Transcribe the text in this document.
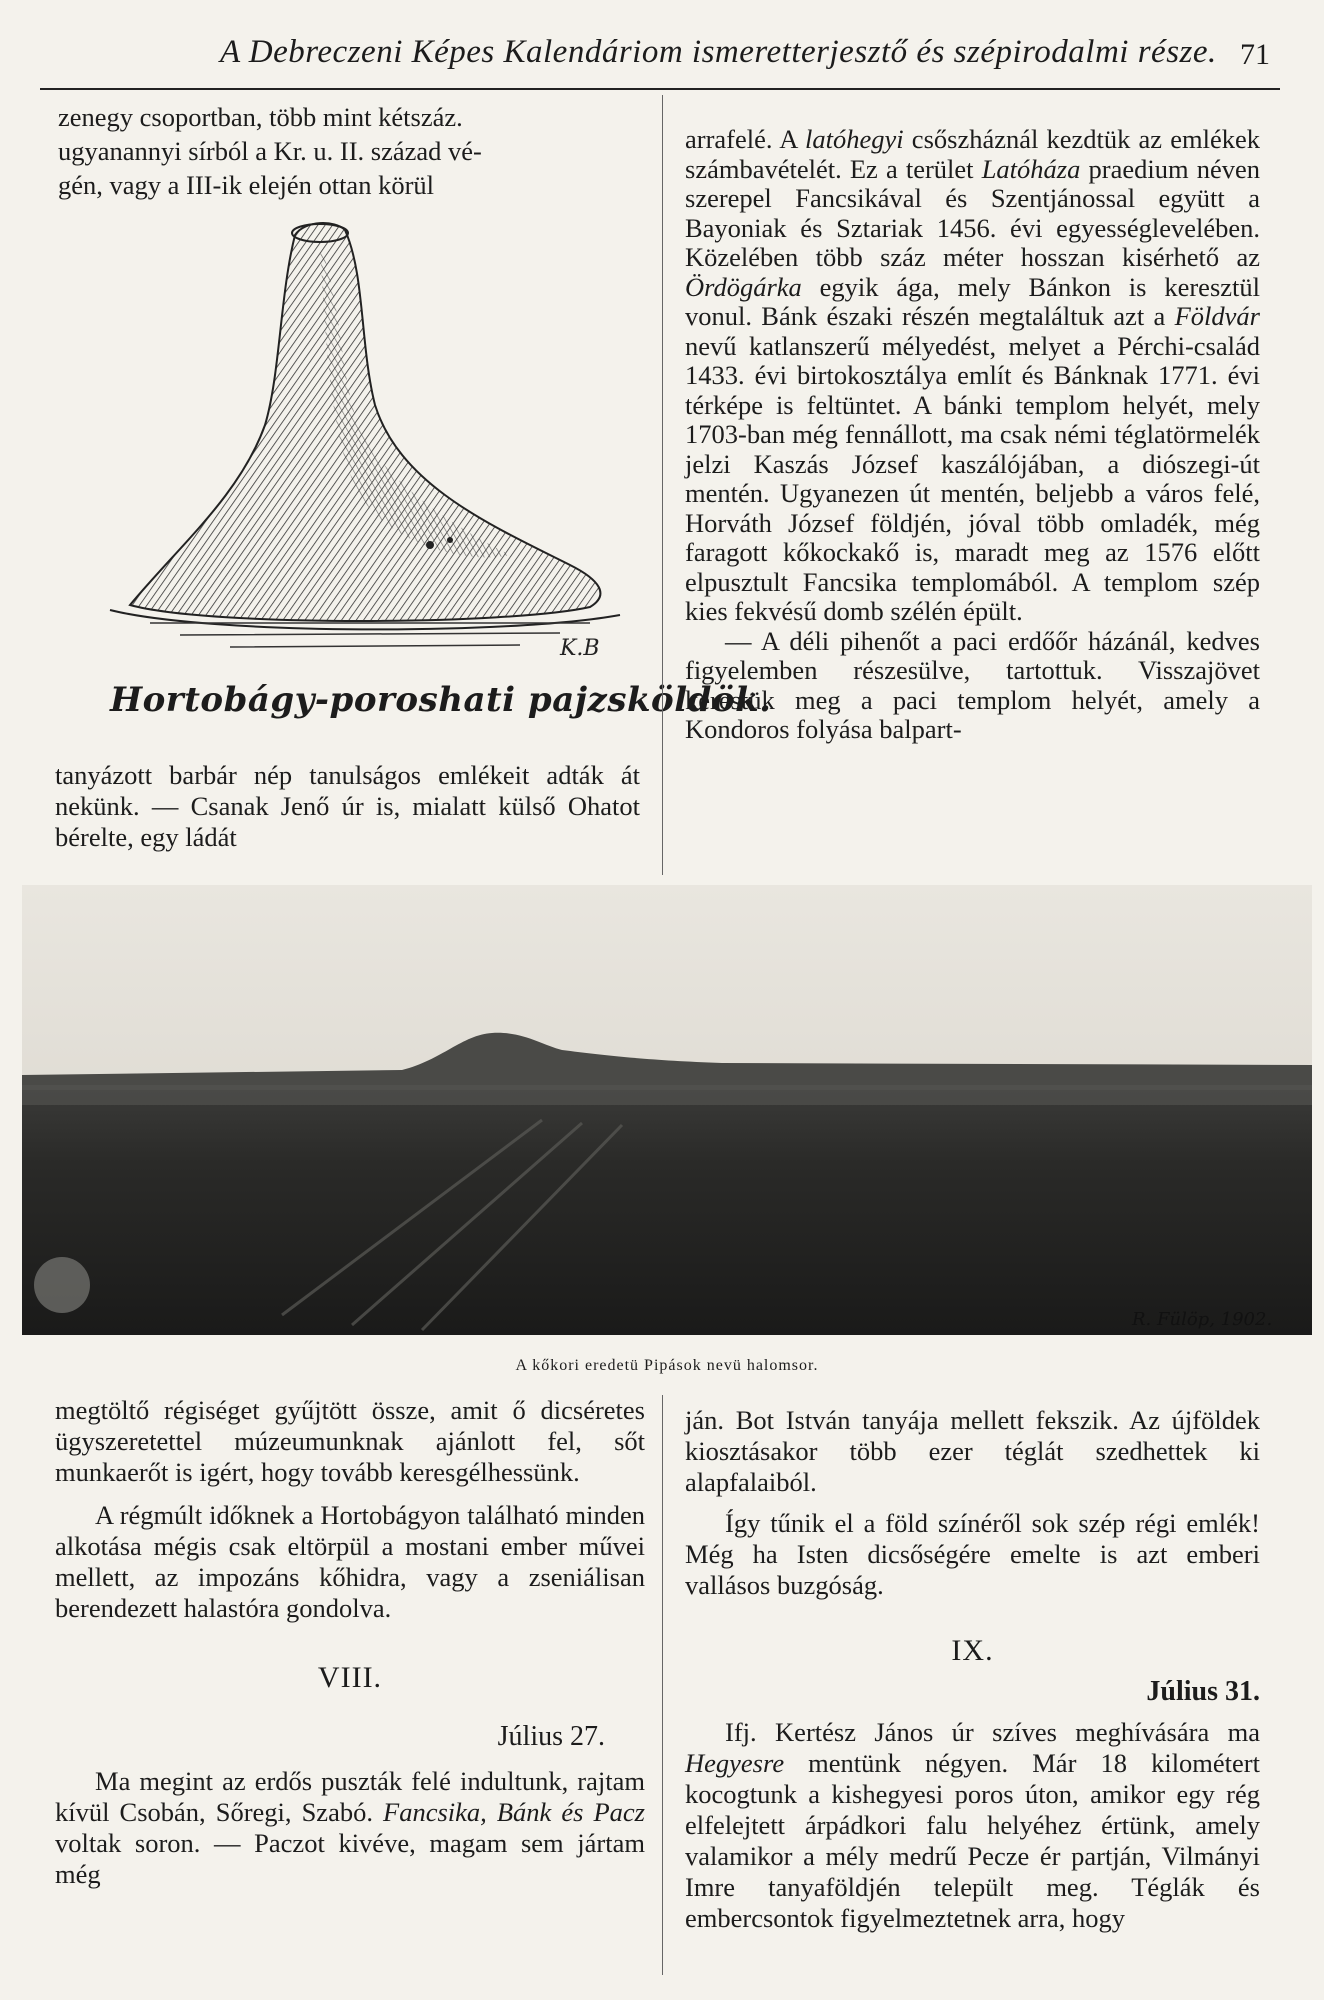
A Debreczeni Képes Kalendáriom ismeretterjesztő és szépirodalmi része. 71
zenegy csoportban, több mint kétszáz.
ugyanannyi sírból a Kr. u. II. század vé-
gén, vagy a III-ik elején ottan körül
K.B
Hortobágy-poroshati pajzsköldök.

tanyázott barbár nép tanulságos emlékeit adták át nekünk. — Csanak Jenő úr is, mialatt külső Ohatot bérelte, egy ládát

arrafelé. A latóhegyi csőszháznál kezdtük az emlékek számbavételét. Ez a terület Latóháza praedium néven szerepel Fancsikával és Szentjánossal együtt a Bayoniak és Sztariak 1456. évi egyességlevelében. Közelében több száz méter hosszan kisérhető az Ördögárka egyik ága, mely Bánkon is keresztül vonul. Bánk északi részén megtaláltuk azt a Földvár nevű katlanszerű mélyedést, melyet a Pérchi-család 1433. évi birtokosztálya említ és Bánknak 1771. évi térképe is feltüntet. A bánki templom helyét, mely 1703-ban még fennállott, ma csak némi téglatörmelék jelzi Kaszás József kaszálójában, a diószegi-út mentén. Ugyanezen út mentén, beljebb a város felé, Horváth József földjén, jóval több omladék, még faragott kőkockakő is, maradt meg az 1576 előtt elpusztult Fancsika templomából. A templom szép kies fekvésű domb szélén épült.

— A déli pihenőt a paci erdőőr házánál, kedves figyelemben részesülve, tartottuk. Visszajövet kerestük meg a paci templom helyét, amely a Kondoros folyása balpart-

R. Fülöp, 1902.
A kőkori eredetü Pipások nevü halomsor.

megtöltő régiséget gyűjtött össze, amit ő dicséretes ügyszeretettel múzeumunknak ajánlott fel, sőt munkaerőt is igért, hogy tovább keresgélhessünk.

A régmúlt időknek a Hortobágyon található minden alkotása mégis csak eltörpül a mostani ember művei mellett, az impozáns kőhidra, vagy a zseniálisan berendezett halastóra gondolva.

VIII.
Július 27.

Ma megint az erdős puszták felé indultunk, rajtam kívül Csobán, Sőregi, Szabó. Fancsika, Bánk és Pacz voltak soron. — Paczot kivéve, magam sem jártam még

ján. Bot István tanyája mellett fekszik. Az újföldek kiosztásakor több ezer téglát szedhettek ki alapfalaiból.

Így tűnik el a föld színéről sok szép régi emlék! Még ha Isten dicsőségére emelte is azt emberi vallásos buzgóság.

IX.
Július 31.

Ifj. Kertész János úr szíves meghívására ma Hegyesre mentünk négyen. Már 18 kilométert kocogtunk a kishegyesi poros úton, amikor egy rég elfelejtett árpádkori falu helyéhez értünk, amely valamikor a mély medrű Pecze ér partján, Vilmányi Imre tanyaföldjén települt meg. Téglák és embercsontok figyelmeztetnek arra, hogy
